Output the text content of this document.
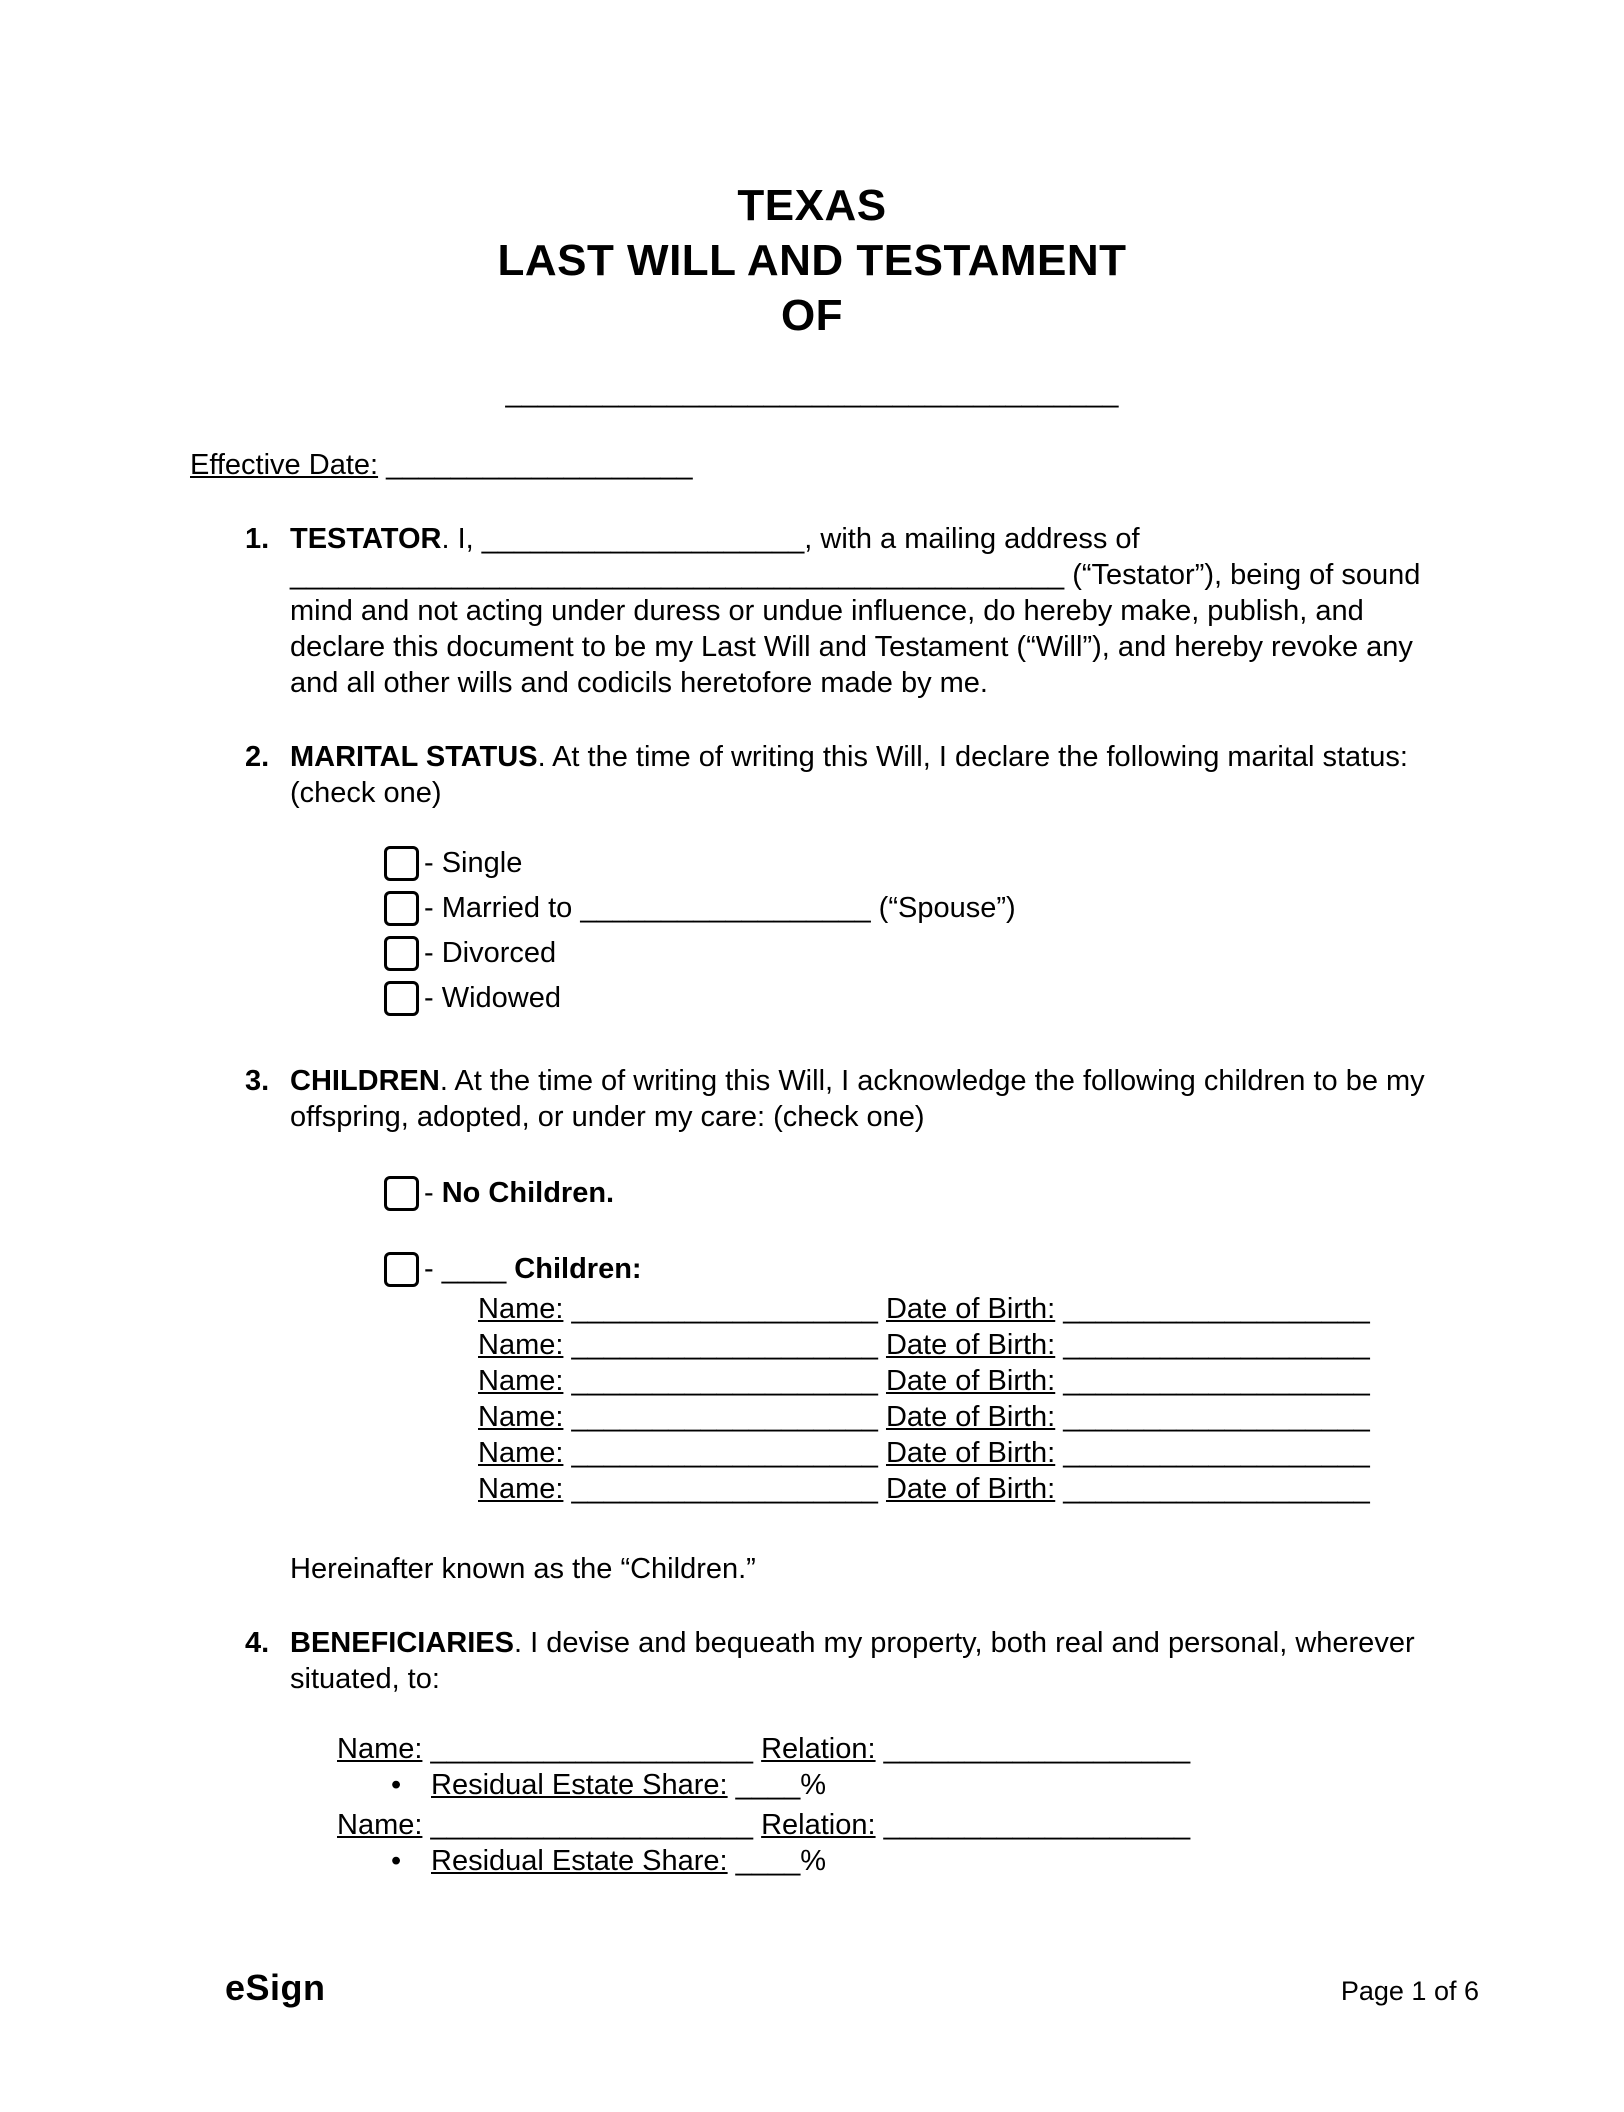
TEXAS
LAST WILL AND TESTAMENT
OF
______________________________________
Effective Date: ___________________
1. TESTATOR. I, ____________________, with a mailing address of ________________________________________________ (“Testator”), being of sound mind and not acting under duress or undue influence, do hereby make, publish, and declare this document to be my Last Will and Testament (“Will”), and hereby revoke any and all other wills and codicils heretofore made by me.
2. MARITAL STATUS. At the time of writing this Will, I declare the following marital status: (check one)
- Single
- Married to __________________ (“Spouse”)
- Divorced
- Widowed
3. CHILDREN. At the time of writing this Will, I acknowledge the following children to be my offspring, adopted, or under my care: (check one)
- No Children.
- ____ Children:
Name: ___________________ Date of Birth: ___________________
Name: ___________________ Date of Birth: ___________________
Name: ___________________ Date of Birth: ___________________
Name: ___________________ Date of Birth: ___________________
Name: ___________________ Date of Birth: ___________________
Name: ___________________ Date of Birth: ___________________
Hereinafter known as the “Children.”
4. BENEFICIARIES. I devise and bequeath my property, both real and personal, wherever situated, to:
Name: ____________________ Relation: ___________________
• Residual Estate Share: ____%
Name: ____________________ Relation: ___________________
• Residual Estate Share: ____%
eSign	Page 1 of 6
